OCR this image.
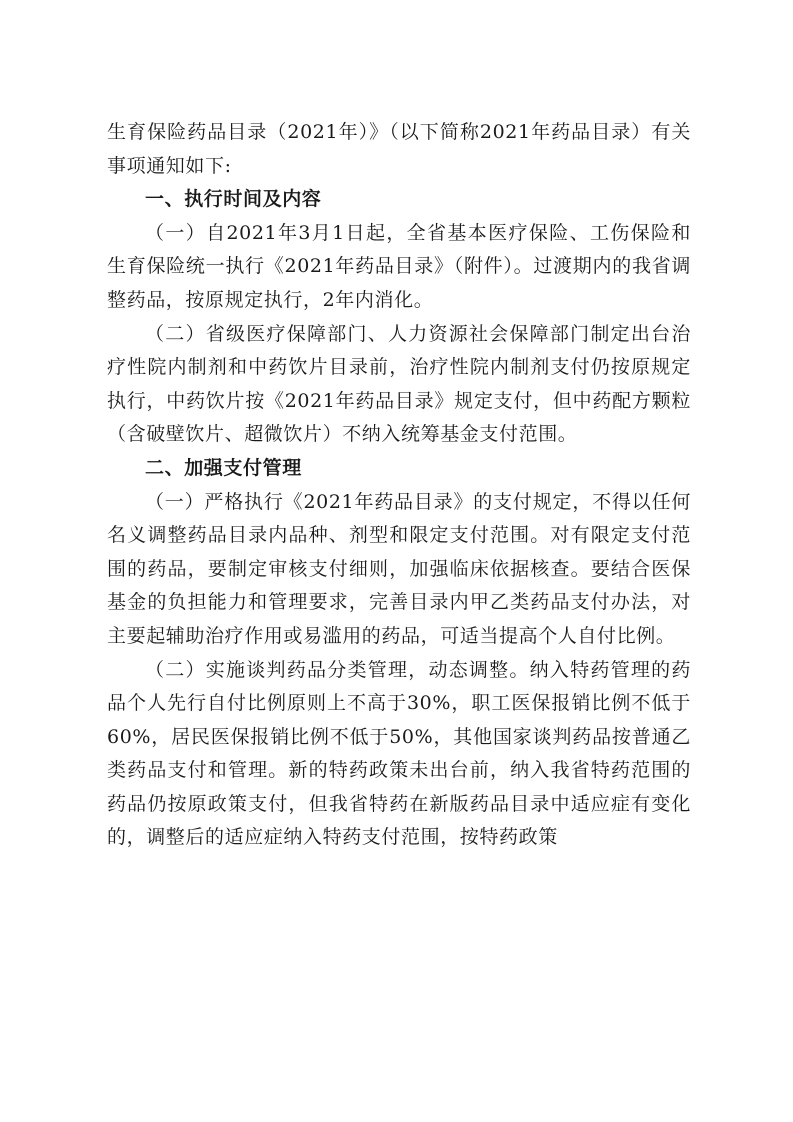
生育保险药品目录（2021年）》（以下简称2021年药品目录）有关事项通知如下:

一、执行时间及内容

（一）自2021年3月1日起，全省基本医疗保险、工伤保险和生育保险统一执行《2021年药品目录》（附件）。过渡期内的我省调整药品，按原规定执行，2年内消化。

（二）省级医疗保障部门、人力资源社会保障部门制定出台治疗性院内制剂和中药饮片目录前，治疗性院内制剂支付仍按原规定执行，中药饮片按《2021年药品目录》规定支付，但中药配方颗粒（含破壁饮片、超微饮片）不纳入统筹基金支付范围。

二、加强支付管理

（一）严格执行《2021年药品目录》的支付规定，不得以任何名义调整药品目录内品种、剂型和限定支付范围。对有限定支付范围的药品，要制定审核支付细则，加强临床依据核查。要结合医保基金的负担能力和管理要求，完善目录内甲乙类药品支付办法，对主要起辅助治疗作用或易滥用的药品，可适当提高个人自付比例。

（二）实施谈判药品分类管理，动态调整。纳入特药管理的药品个人先行自付比例原则上不高于30%，职工医保报销比例不低于60%，居民医保报销比例不低于50%，其他国家谈判药品按普通乙类药品支付和管理。新的特药政策未出台前，纳入我省特药范围的药品仍按原政策支付，但我省特药在新版药品目录中适应症有变化的，调整后的适应症纳入特药支付范围，按特药政策
